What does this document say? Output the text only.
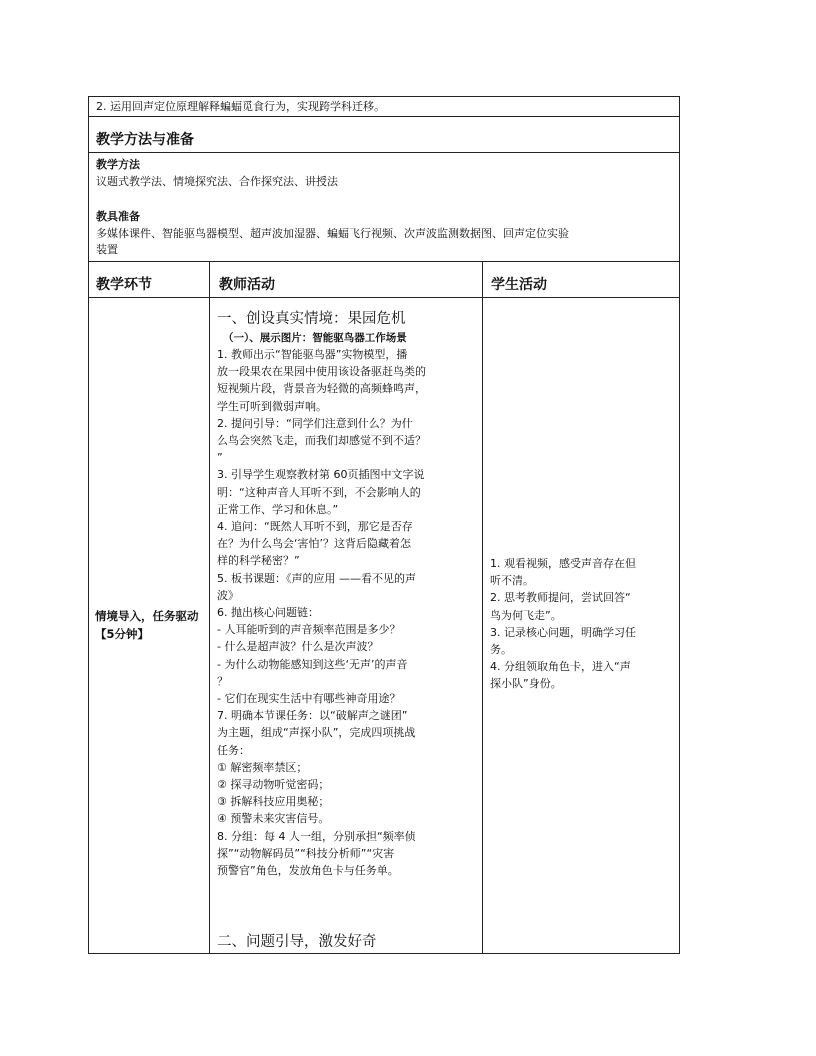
2. 运用回声定位原理解释蝙蝠觅食行为，实现跨学科迁移。

教学方法与准备

教学方法

议题式教学法、情境探究法、合作探究法、讲授法

教具准备

多媒体课件、智能驱鸟器模型、超声波加湿器、蝙蝠飞行视频、次声波监测数据图、回声定位实验

装置

教学环节	教师活动	学生活动

情境导入，任务驱动【5分钟】

一、创设真实情境：果园危机

（一）、展示图片：智能驱鸟器工作场景

1. 教师出示“智能驱鸟器”实物模型，播

放一段果农在果园中使用该设备驱赶鸟类的

短视频片段，背景音为轻微的高频蜂鸣声，

学生可听到微弱声响。

2. 提问引导：“同学们注意到什么？为什

么鸟会突然飞走，而我们却感觉不到不适？

”

3. 引导学生观察教材第 60页插图中文字说

明：“这种声音人耳听不到，不会影响人的

正常工作、学习和休息。”

4. 追问：“既然人耳听不到，那它是否存

在？为什么鸟会‘害怕’？这背后隐藏着怎

样的科学秘密？”

5. 板书课题：《声的应用 ——看不见的声

波》

6. 抛出核心问题链：

- 人耳能听到的声音频率范围是多少？

- 什么是超声波？什么是次声波？

- 为什么动物能感知到这些‘无声’的声音

？

- 它们在现实生活中有哪些神奇用途？

7. 明确本节课任务：以“破解声之谜团”

为主题，组成“声探小队”，完成四项挑战

任务：

① 解密频率禁区；

② 探寻动物听觉密码；

③ 拆解科技应用奥秘；

④ 预警未来灾害信号。

8. 分组：每 4 人一组，分别承担“频率侦

探”“动物解码员”“科技分析师”“灾害

预警官”角色，发放角色卡与任务单。

二、问题引导，激发好奇

1. 观看视频，感受声音存在但

听不清。

2. 思考教师提问，尝试回答“

鸟为何飞走”。

3. 记录核心问题，明确学习任

务。

4. 分组领取角色卡，进入“声

探小队”身份。
